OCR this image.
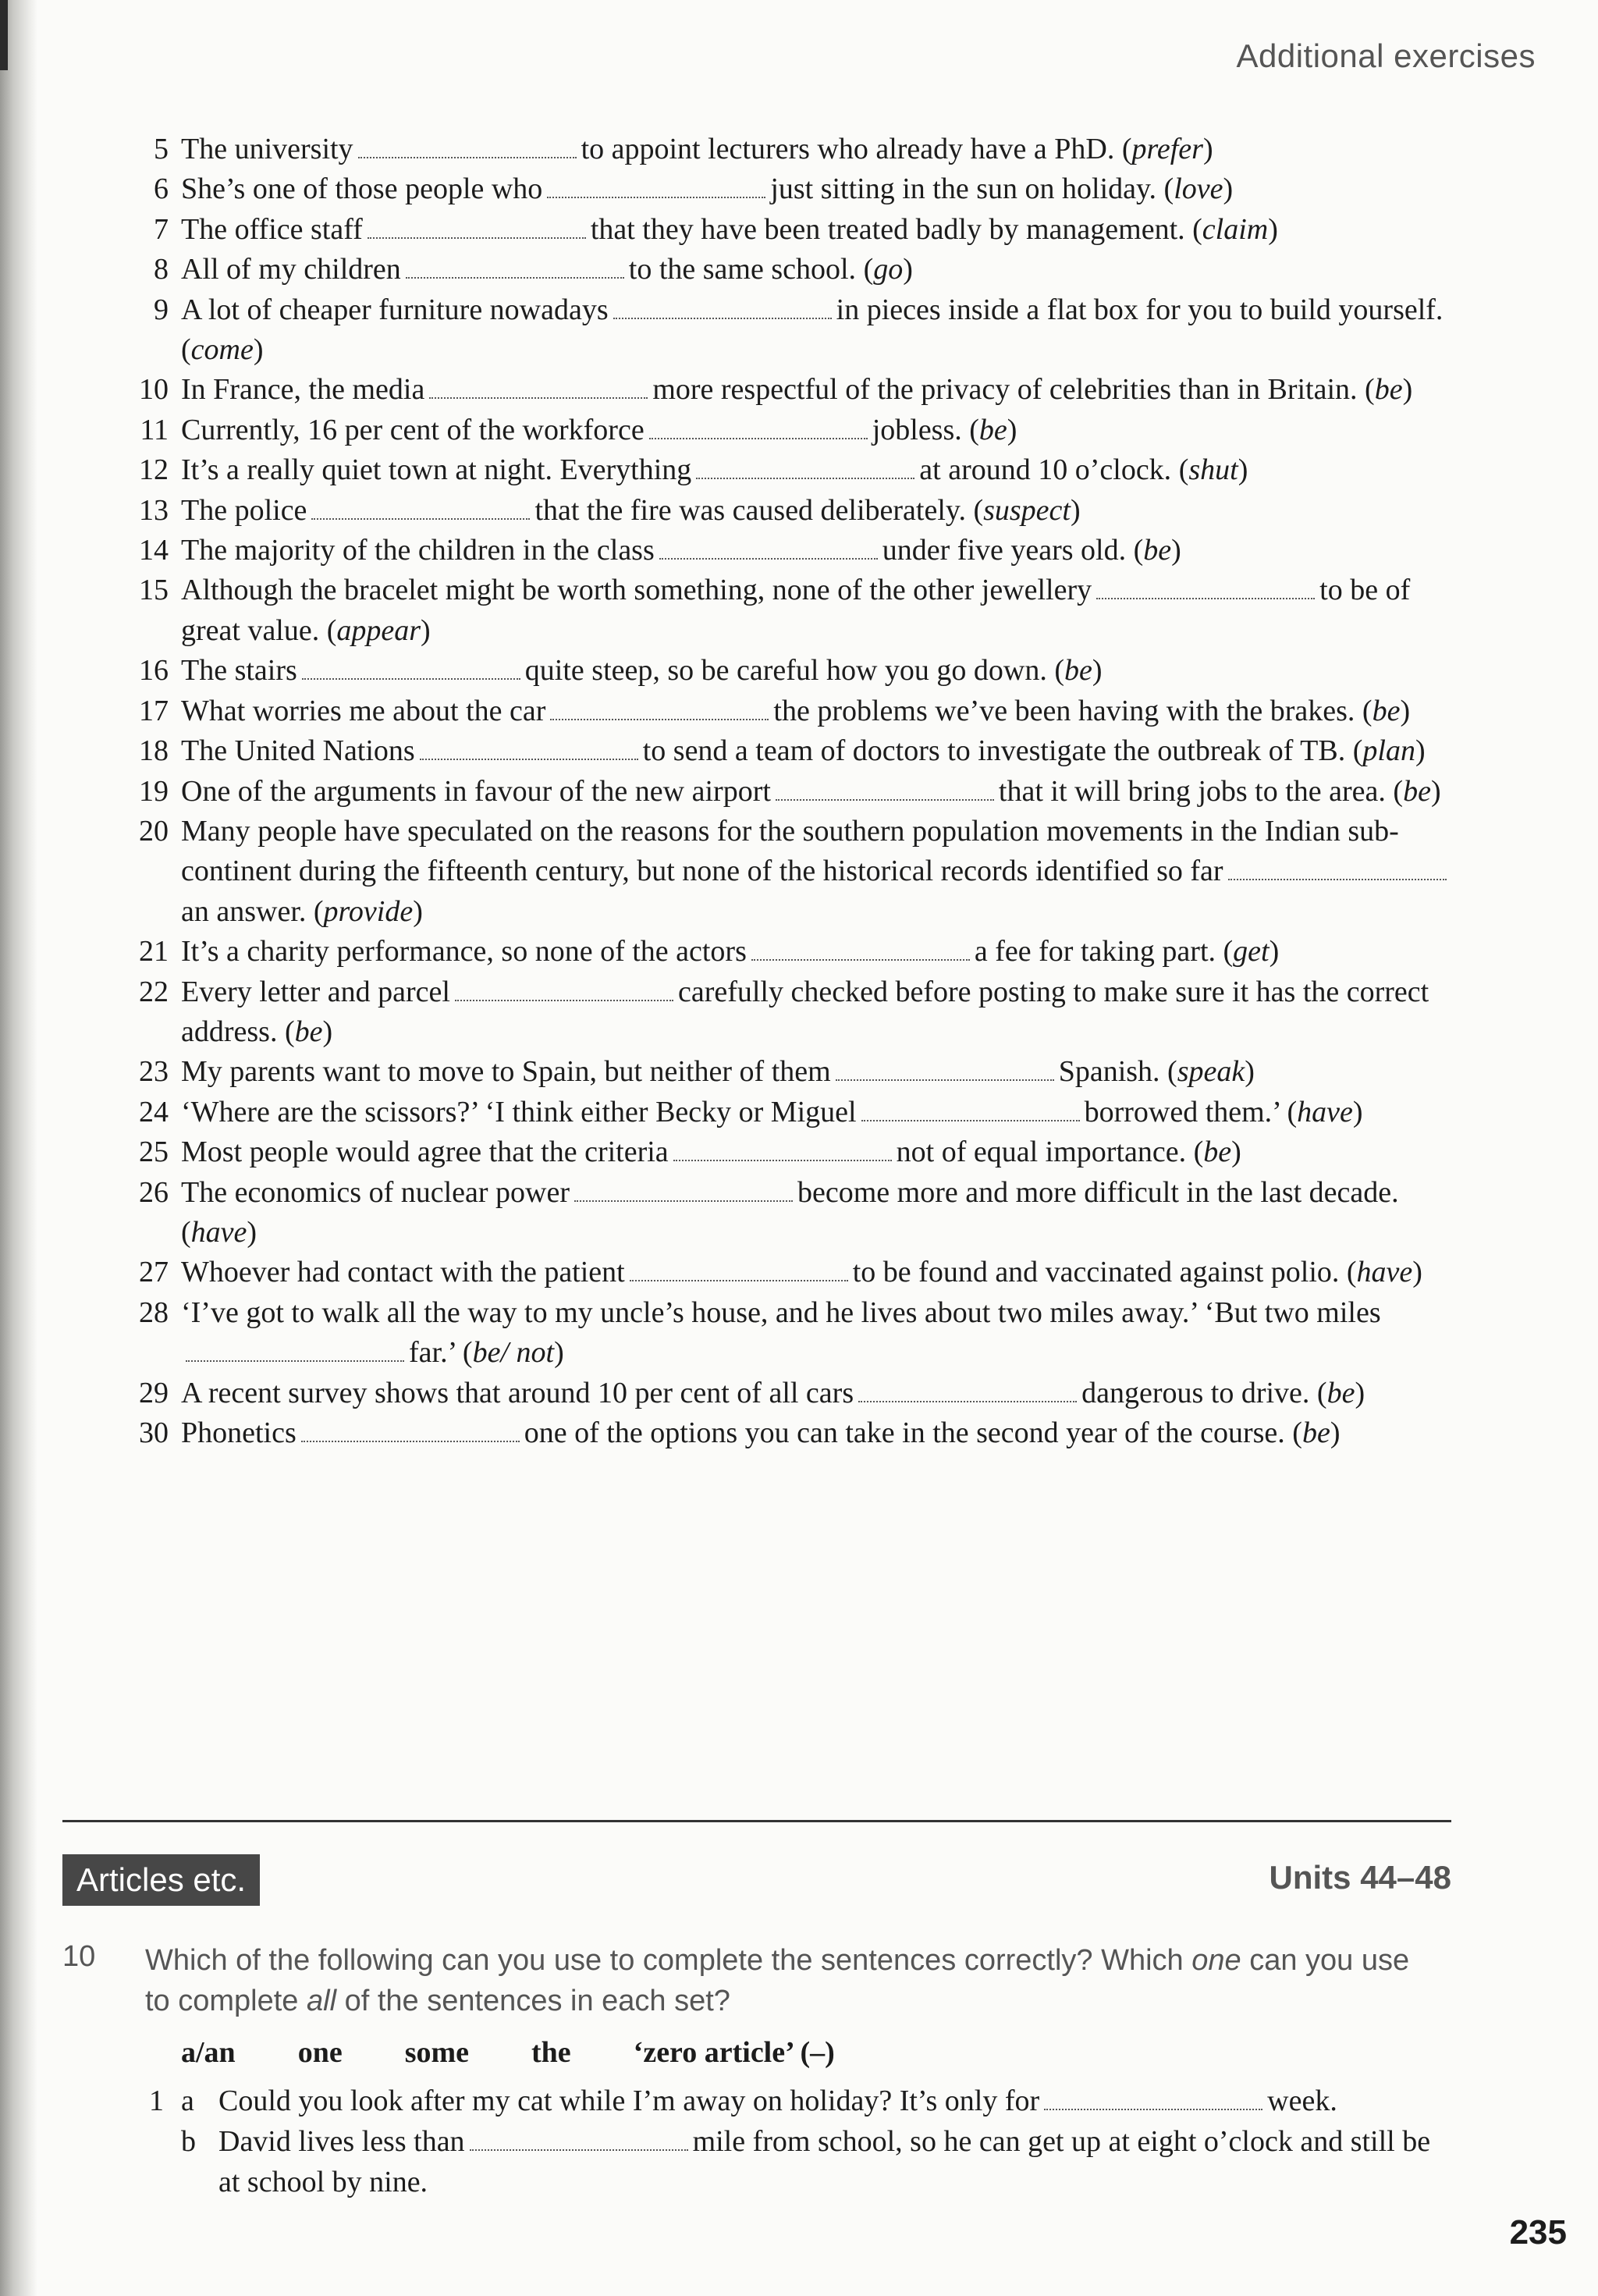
Additional exercises
5 The university	to appoint lecturers who already have a PhD. (prefer)
6 She’s one of those people who	just sitting in the sun on holiday. (love)
7 The office staff	that they have been treated badly by management. (claim)
8 All of my children	to the same school. (go)
9 A lot of cheaper furniture nowadays	in pieces inside a flat box for you to build yourself. (come)
10 In France, the media	more respectful of the privacy of celebrities than in Britain. (be)
11 Currently, 16 per cent of the workforce	jobless. (be)
12 It’s a really quiet town at night. Everything	at around 10 o’clock. (shut)
13 The police	that the fire was caused deliberately. (suspect)
14 The majority of the children in the class	under five years old. (be)
15 Although the bracelet might be worth something, none of the other jewellery	to be of great value. (appear)
16 The stairs	quite steep, so be careful how you go down. (be)
17 What worries me about the car	the problems we’ve been having with the brakes. (be)
18 The United Nations	to send a team of doctors to investigate the outbreak of TB. (plan)
19 One of the arguments in favour of the new airport	that it will bring jobs to the area. (be)
20 Many people have speculated on the reasons for the southern population movements in the Indian sub-continent during the fifteenth century, but none of the historical records identified so faran answer. (provide)
21 It’s a charity performance, so none of the actors	a fee for taking part. (get)
22 Every letter and parcel	carefully checked before posting to make sure it has the correct address. (be)
23 My parents want to move to Spain, but neither of them	Spanish. (speak)
24 ‘Where are the scissors?’ ‘I think either Becky or Miguel	borrowed them.’ (have)
25 Most people would agree that the criteria	not of equal importance. (be)
26 The economics of nuclear power	become more and more difficult in the last decade. (have)
27 Whoever had contact with the patient	to be found and vaccinated against polio. (have)
28 ‘I’ve got to walk all the way to my uncle’s house, and he lives about two miles away.’ ‘But two milesfar.’ (be/ not)
29 A recent survey shows that around 10 per cent of all cars	dangerous to drive. (be)
30 Phonetics	one of the options you can take in the second year of the course. (be)
Articles etc.	Units 44–48
10 Which of the following can you use to complete the sentences correctly? Which one can you use to complete all of the sentences in each set?
a/an one some the ‘zero article’ (–)
1 a Could you look after my cat while I’m away on holiday? It’s only for	week.
b David lives less than	mile from school, so he can get up at eight o’clock and still be at school by nine.
235
